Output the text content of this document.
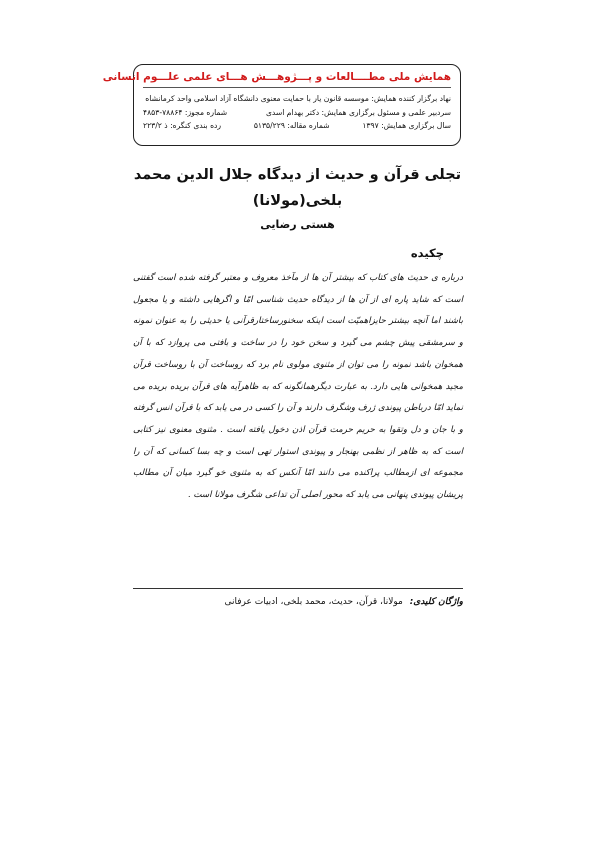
همایش ملی مطــــالعات و پـــژوهـــش هـــای علمی علـــوم انسانی
نهاد برگزار کننده همایش: موسسه قانون یار با حمایت معنوی دانشگاه آزاد اسلامی واحد کرمانشاه
سردبیر علمی و مسئول برگزاری همایش: دکتر بهدام اسدی
شماره مجوز: ۷۸۸۶۴-۴۸۵۳
سال برگزاری همایش: ۱۳۹۷
شماره مقاله: ۵۱۳۵/۲۲۹
رده بندی کنگره: ذ ۲۲۳/۲
تجلی قرآن و حدیث از دیدگاه جلال الدین محمد
بلخی(مولانا)
هستی رضایی
چکیده
درباره ی حدیث های کتاب که بیشتر آن ها از مآخذ معروف و معتبر گرفته شده است گفتنی است که شاید پاره ای از آن ها از دیدگاه حدیث شناسی امّا و اگرهایی داشته و یا مجعول باشند اما آنچه بیشتر حایزاهمیّت است اینکه سخنورساختارقرآنی یا حدیثی را به عنوان نمونه و سرمشقی پیش چشم می گیرد و سخن خود را در ساخت و بافتی می پروازد که با آن همخوان باشد نمونه را می توان از مثنوی مولوی نام برد که روساخت آن با روساخت قرآن مجید همخوانی هایی دارد. به عبارت دیگرهمانگونه که به ظاهرآیه های قرآن بریده بریده می نماید امّا درباطن پیوندی ژرف وشگرف دارند و آن را کسی در می یابد که با قرآن انس گرفته و با جان و دل وتقوا به حریم حرمت قرآن اذن دخول یافته است . مثنوی معنوی نیز کتابی است که به ظاهر از نظمی بهنجار و پیوندی استوار تهی است و چه بسا کسانی که آن را مجموعه ای ازمطالب پراکنده می دانند امّا آنکس که به مثنوی خو گیرد میان آن مطالب پریشان پیوندی پنهانی می یابد که محور اصلی آن تداعی شگرف مولانا است .
واژگان کلیدی: مولانا، قرآن، حدیث، محمد بلخی، ادبیات عرفانی
